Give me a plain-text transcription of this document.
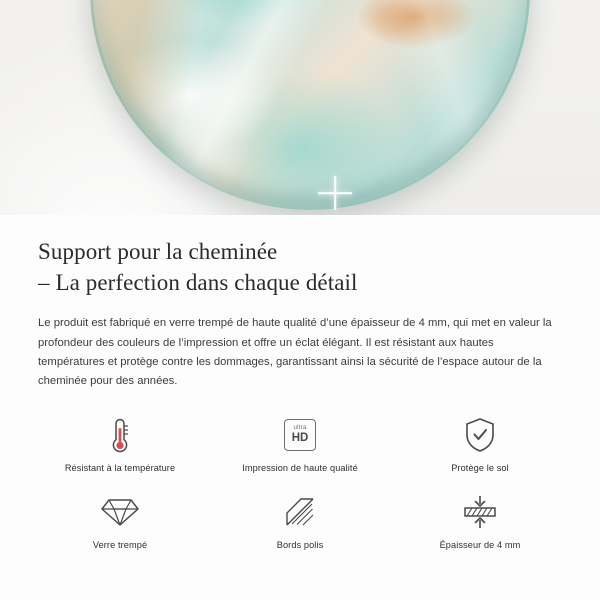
Support pour la cheminée
– La perfection dans chaque détail

Le produit est fabriqué en verre trempé de haute qualité d’une épaisseur de 4 mm, qui met en valeur la profondeur des couleurs de l’impression et offre un éclat élégant. Il est résistant aux hautes températures et protège contre les dommages, garantissant ainsi la sécurité de l’espace autour de la cheminée pour des années.

Résistant à la température
ultra
HD
Impression de haute qualité	Protège le sol
Verre trempé	Bords polis	Épaisseur de 4 mm
